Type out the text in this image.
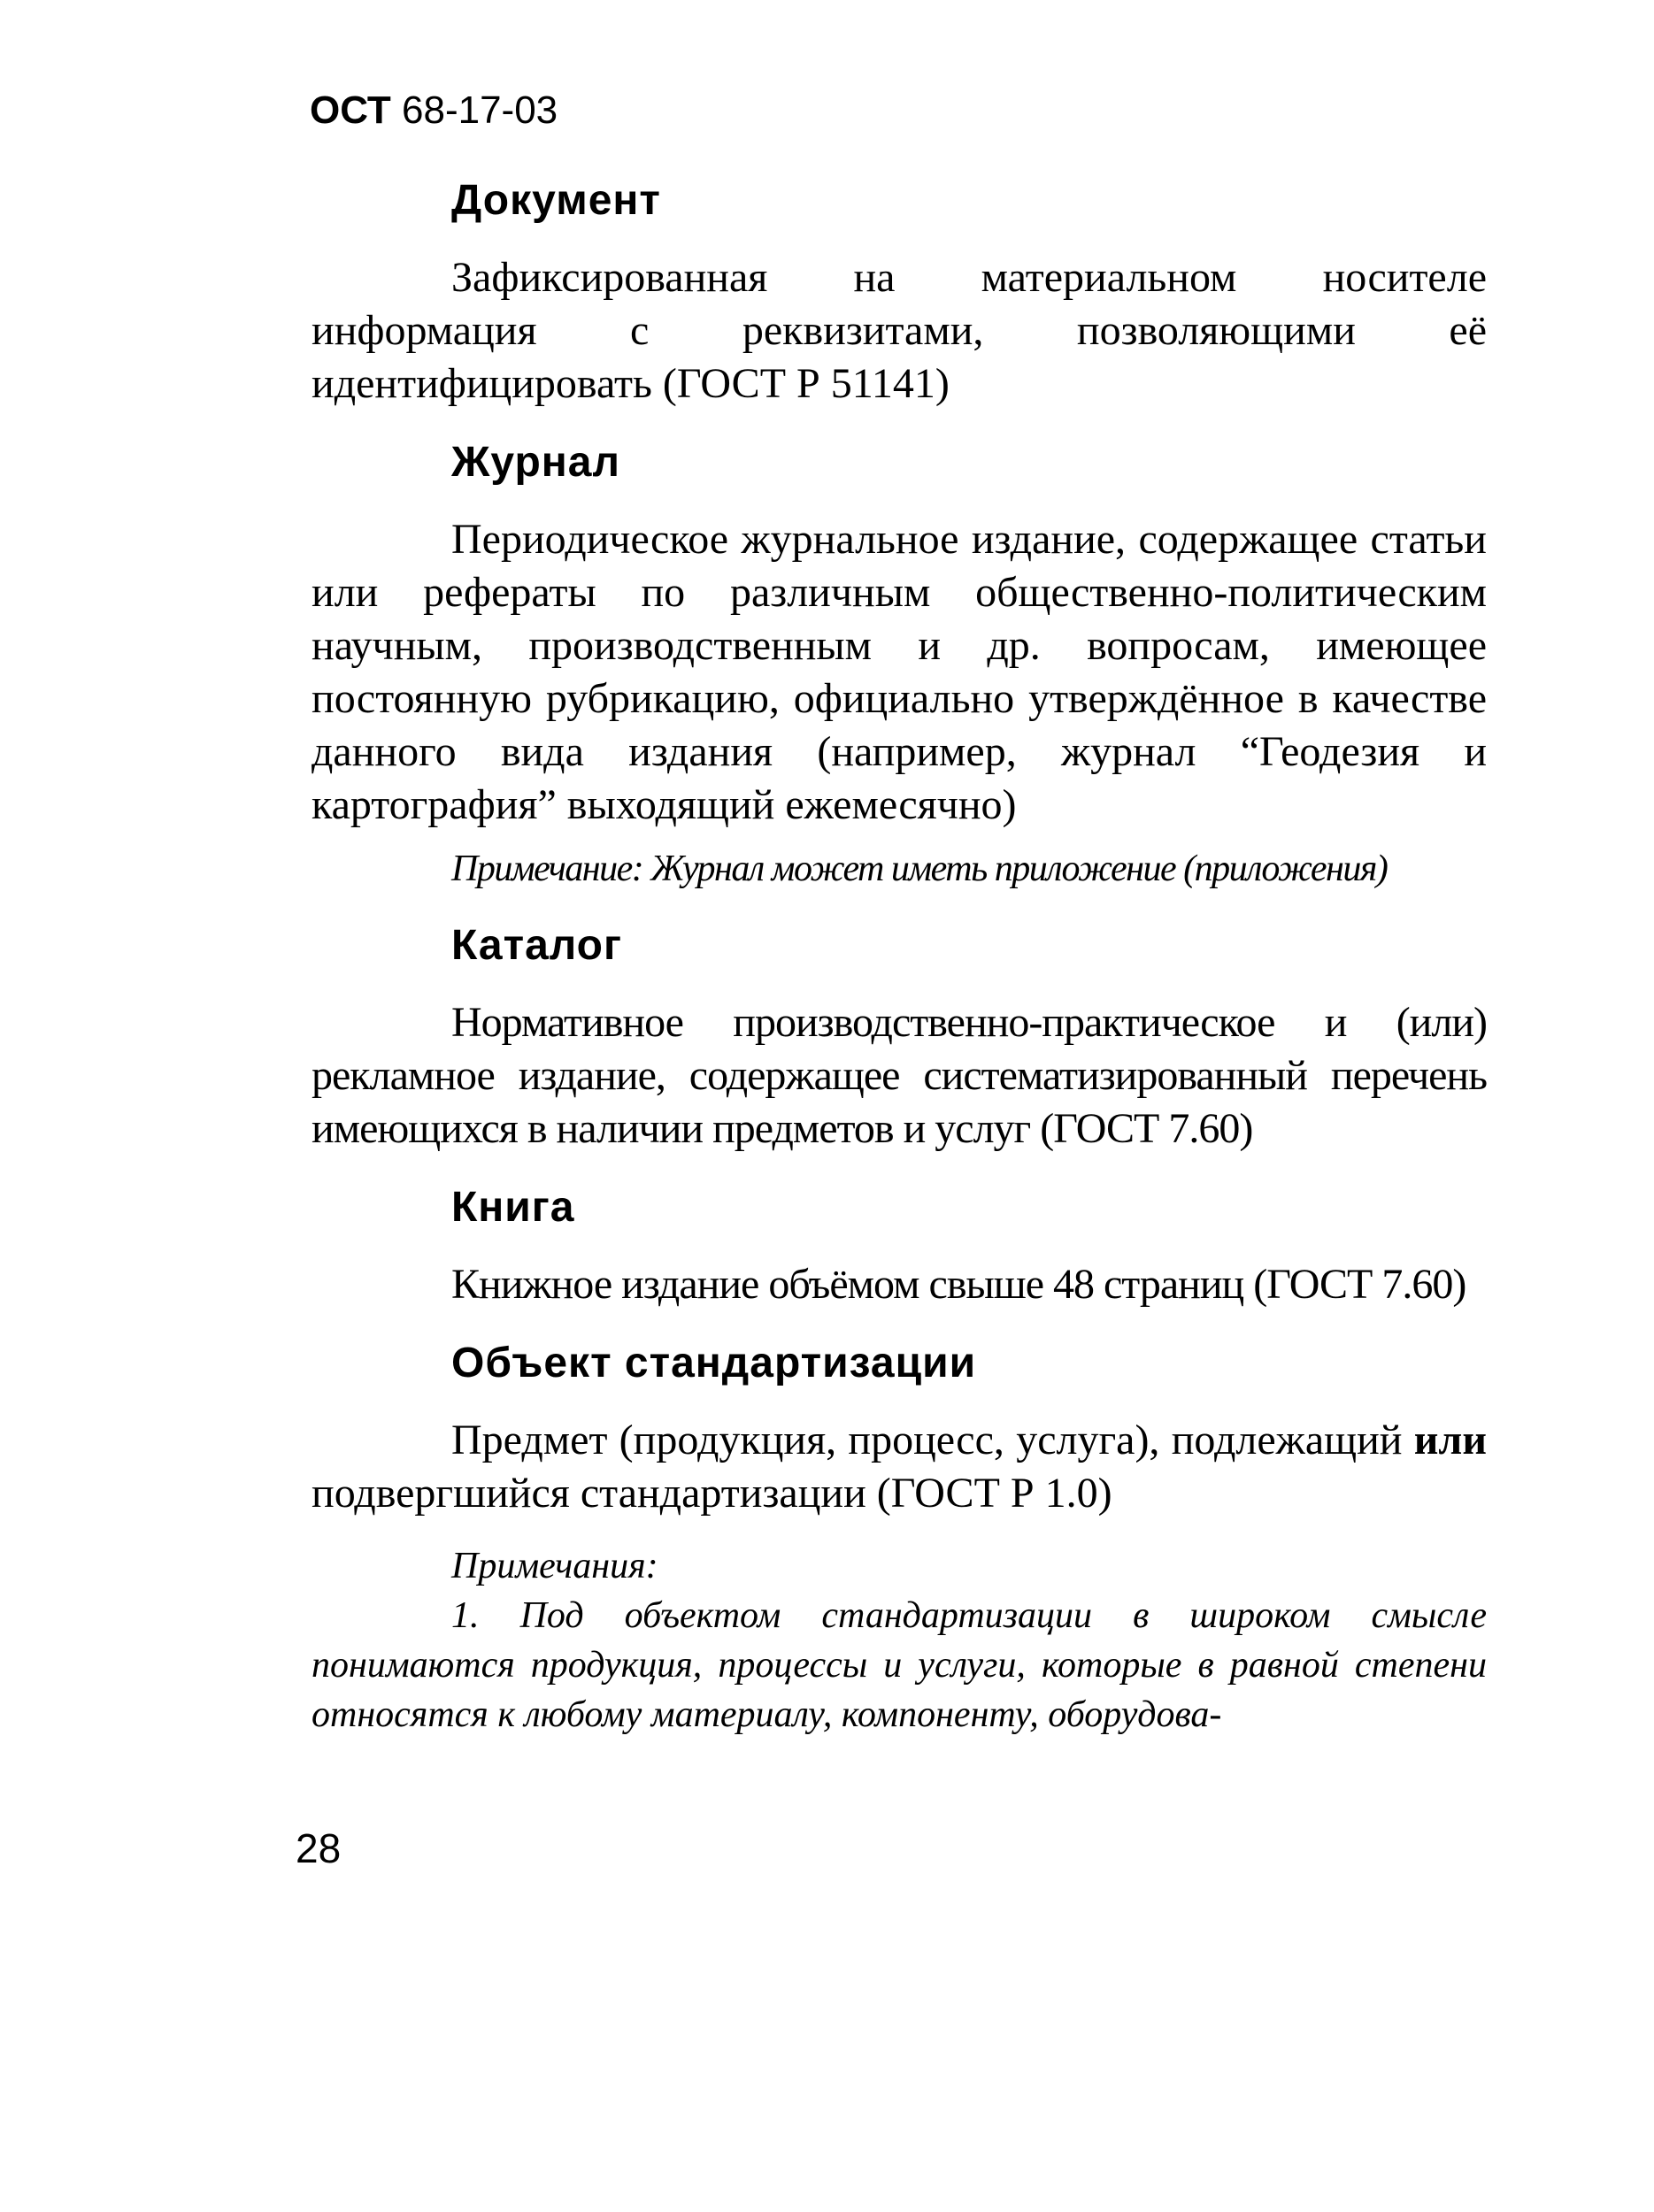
ОСТ 68-17-03
Документ

Зафиксированная на материальном носителе информация с реквизитами, позволяющими её идентифицировать (ГОСТ Р 51141)

Журнал

Периодическое журнальное издание, содержащее статьи или рефераты по различным общественно-политическим научным, производственным и др. вопросам, имеющее постоянную рубрикацию, официально утверждённое в качестве данного вида издания (например, журнал “Геодезия и картография” выходящий ежемесячно)

Примечание: Журнал может иметь приложение (приложения)

Каталог

Нормативное производственно-практическое и (или) рекламное издание, содержащее систематизированный перечень имеющихся в наличии предметов и услуг (ГОСТ 7.60)

Книга

Книжное издание объёмом свыше 48 страниц (ГОСТ 7.60)

Объект стандартизации

Предмет (продукция, процесс, услуга), подлежащий или подвергшийся стандартизации (ГОСТ Р 1.0)

Примечания:

1. Под объектом стандартизации в широком смысле понимаются продукция, процессы и услуги, которые в равной степени относятся к любому материалу, компоненту, оборудова-

28
